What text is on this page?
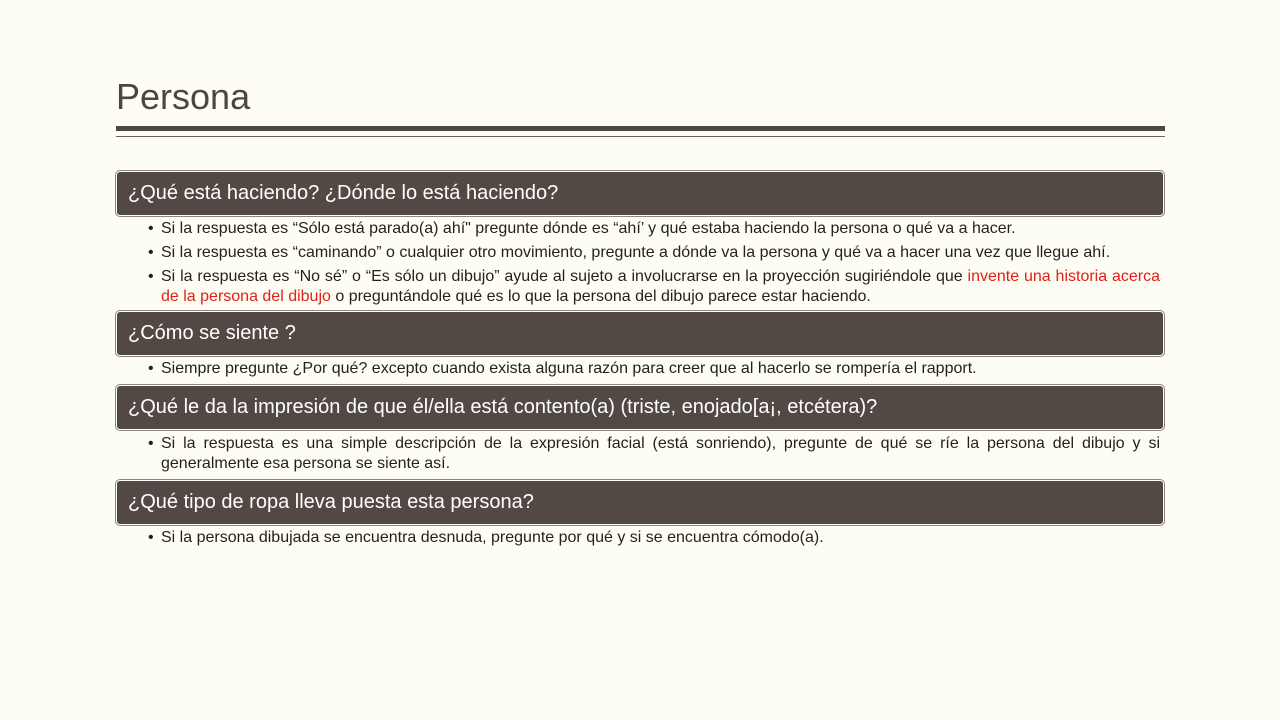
Persona
¿Qué está haciendo? ¿Dónde lo está haciendo?
• Si la respuesta es “Sólo está parado(a) ahí" pregunte dónde es “ahí’ y qué estaba haciendo la persona o qué va a hacer.
• Si la respuesta es “caminando” o cualquier otro movimiento, pregunte a dónde va la persona y qué va a hacer una vez que llegue ahí.
• Si la respuesta es “No sé” o “Es sólo un dibujo” ayude al sujeto a involucrarse en la proyección sugiriéndole que invente una historia acerca de la persona del dibujo o preguntándole qué es lo que la persona del dibujo parece estar haciendo.
¿Cómo se siente ?
• Siempre pregunte ¿Por qué? excepto cuando exista alguna razón para creer que al hacerlo se rompería el rapport.
¿Qué le da la impresión de que él/ella está contento(a) (triste, enojado[a¡, etcétera)?
• Si la respuesta es una simple descripción de la expresión facial (está sonriendo), pregunte de qué se ríe la persona del dibujo y si generalmente esa persona se siente así.
¿Qué tipo de ropa lleva puesta esta persona?
• Si la persona dibujada se encuentra desnuda, pregunte por qué y si se encuentra cómodo(a).
